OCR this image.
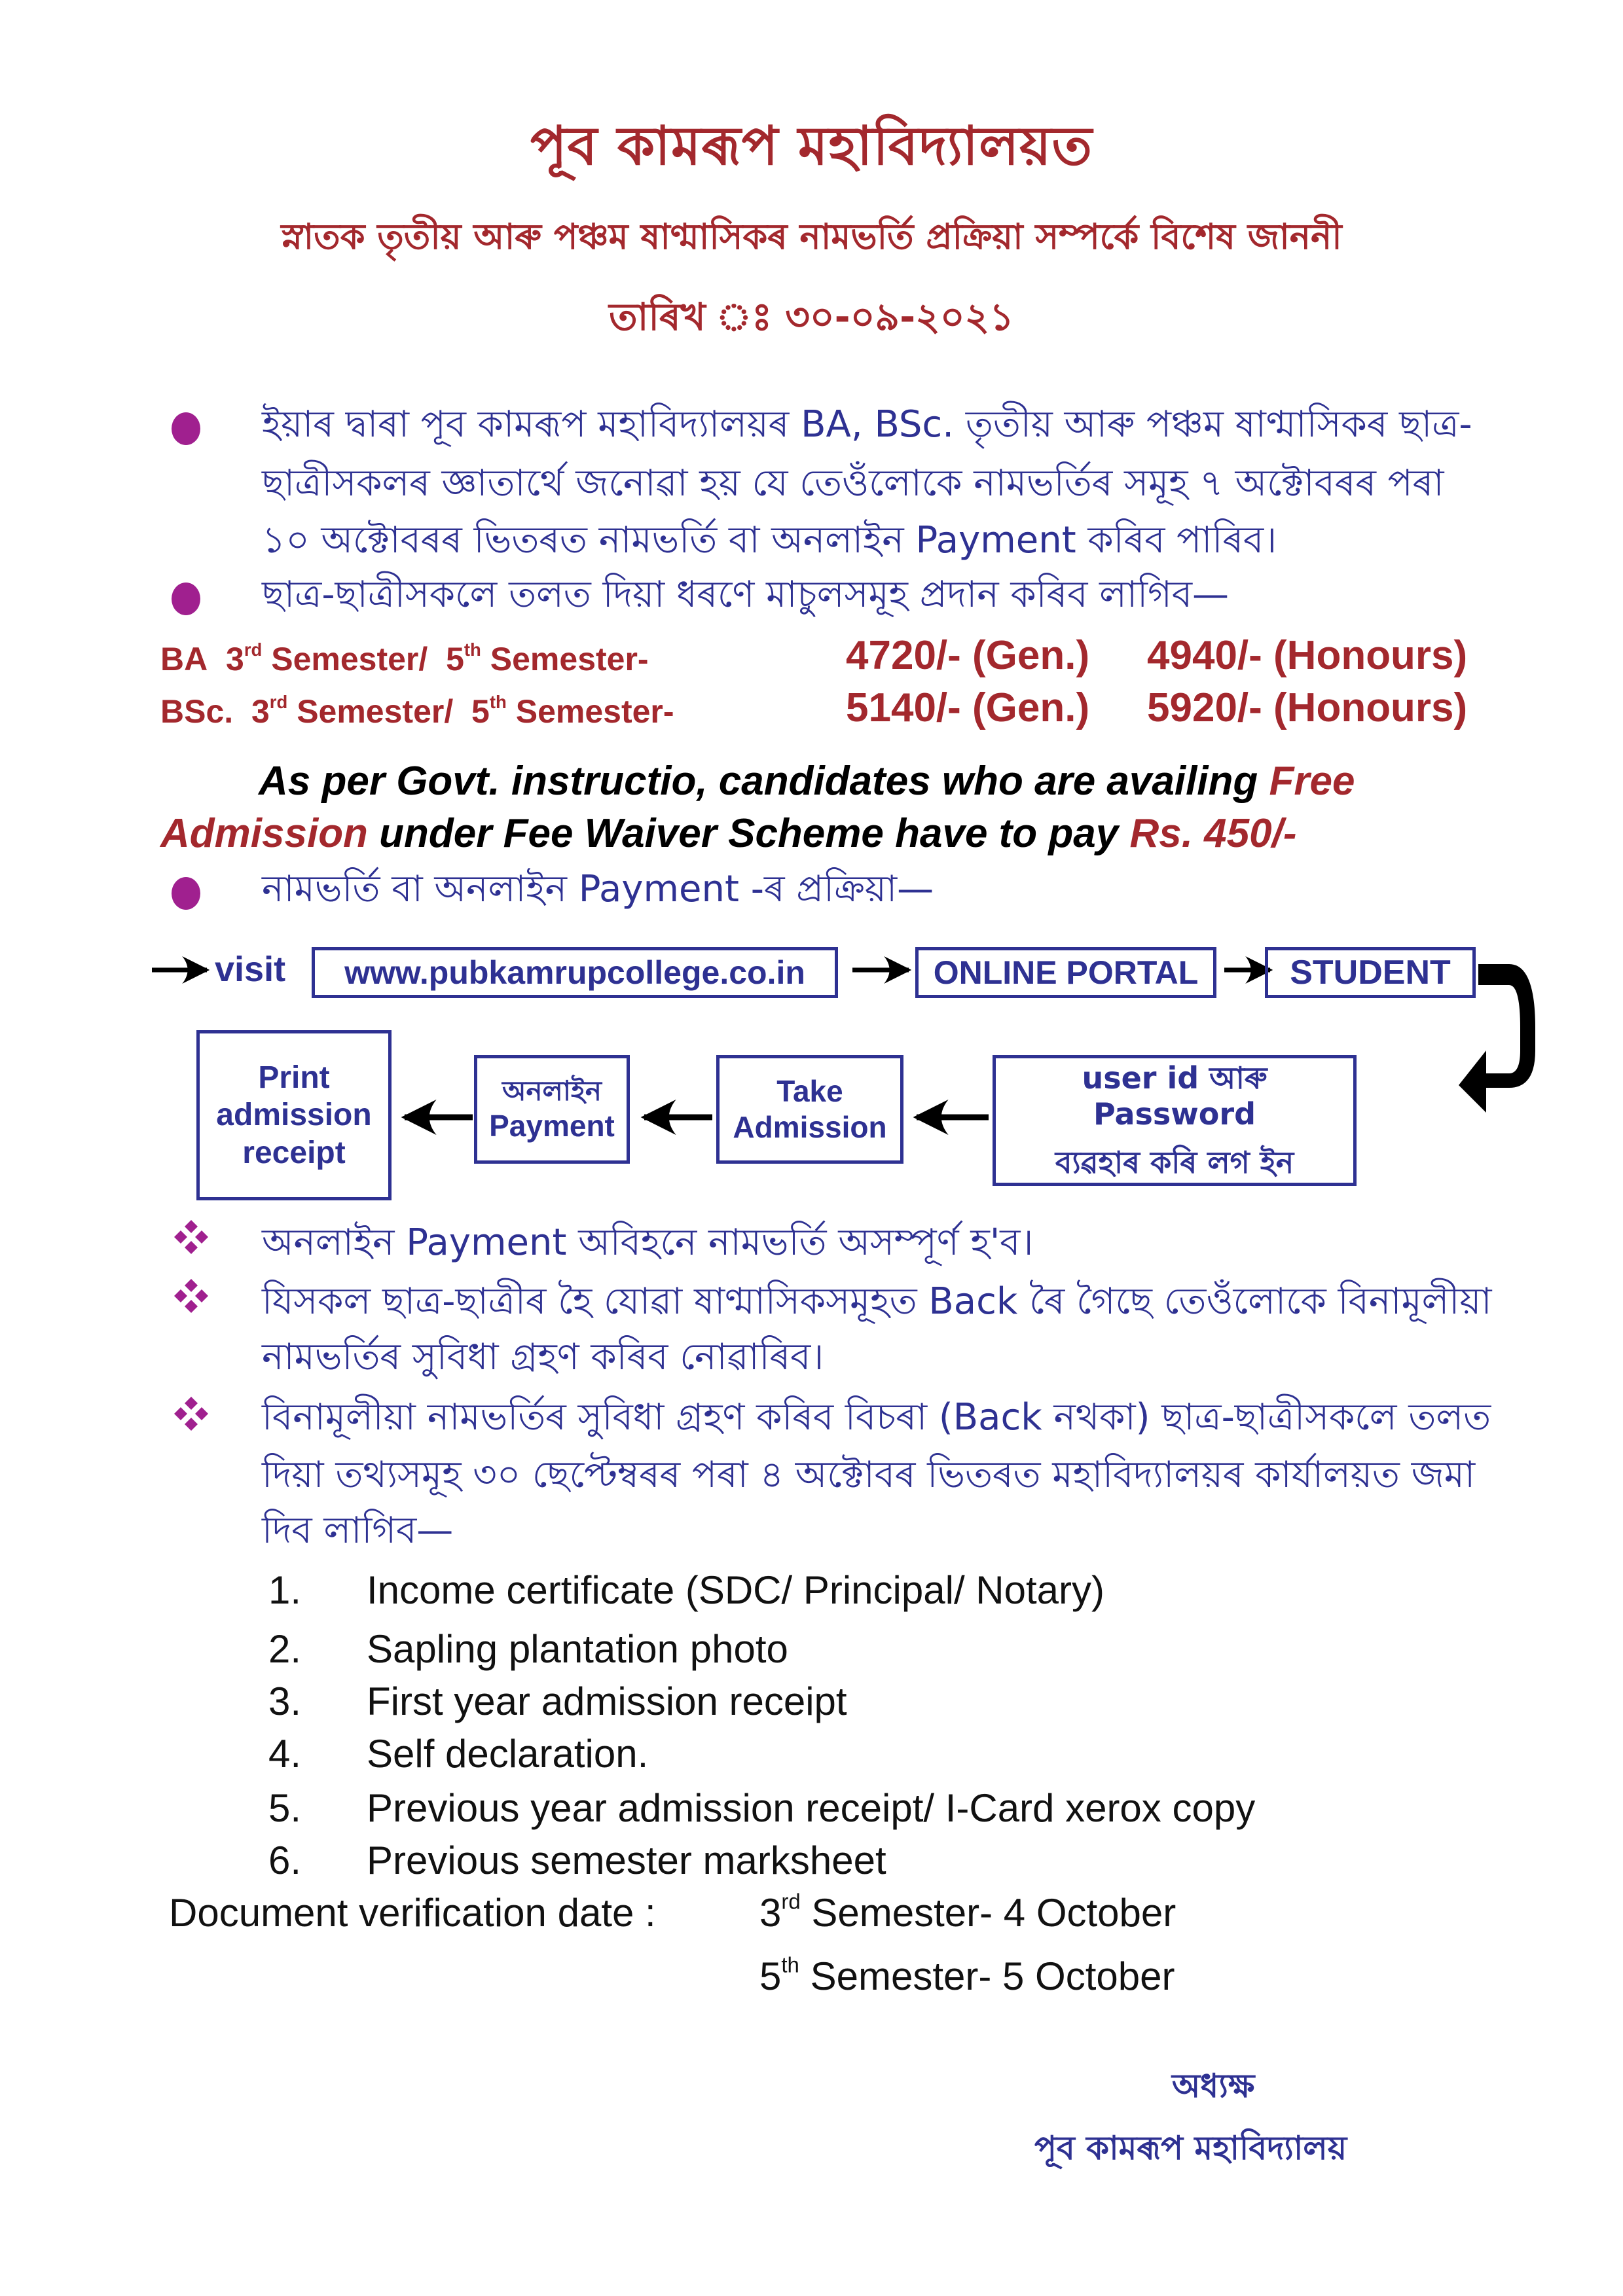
পূব কামৰূপ মহাবিদ্যালয়ত
স্নাতক তৃতীয় আৰু পঞ্চম ষাণ্মাসিকৰ নামভৰ্তি প্ৰক্ৰিয়া সম্পৰ্কে বিশেষ জাননী
তাৰিখ ঃ ৩০-০৯-২০২১
ইয়াৰ দ্বাৰা পূব কামৰূপ মহাবিদ্যালয়ৰ BA, BSc. তৃতীয় আৰু পঞ্চম ষাণ্মাসিকৰ ছাত্ৰ-
ছাত্ৰীসকলৰ জ্ঞাতাৰ্থে জনোৱা হয় যে তেওঁলোকে নামভৰ্তিৰ সমূহ ৭ অক্টোবৰৰ পৰা
১০ অক্টোবৰৰ ভিতৰত নামভৰ্তি বা অনলাইন Payment কৰিব পাৰিব।
ছাত্ৰ-ছাত্ৰীসকলে তলত দিয়া ধৰণে মাচুলসমূহ প্ৰদান কৰিব লাগিব—
BA 3rd Semester/ 5th Semester-	4720/- (Gen.) 4940/- (Honours)
BSc. 3rd Semester/ 5th Semester-	5140/- (Gen.) 5920/- (Honours)
As per Govt. instructio, candidates who are availing Free
Admission under Fee Waiver Scheme have to pay Rs. 450/-
নামভৰ্তি বা অনলাইন Payment -ৰ প্ৰক্ৰিয়া—
visit www.pubkamrupcollege.co.in	ONLINE PORTAL	STUDENT
user id আৰু Password
ব্যৱহাৰ কৰি লগ ইন
Take
Admission
অনলাইন
Payment
Print
admission
receipt
অনলাইন Payment অবিহনে নামভৰ্তি অসম্পূৰ্ণ হ'ব।
যিসকল ছাত্ৰ-ছাত্ৰীৰ হৈ যোৱা ষাণ্মাসিকসমূহত Back ৰৈ গৈছে তেওঁলোকে বিনামূলীয়া
নামভৰ্তিৰ সুবিধা গ্ৰহণ কৰিব নোৱাৰিব।
বিনামূলীয়া নামভৰ্তিৰ সুবিধা গ্ৰহণ কৰিব বিচৰা (Back নথকা) ছাত্ৰ-ছাত্ৰীসকলে তলত
দিয়া তথ্যসমূহ ৩০ ছেপ্টেম্বৰৰ পৰা ৪ অক্টোবৰ ভিতৰত মহাবিদ্যালয়ৰ কাৰ্যালয়ত জমা
দিব লাগিব—
1. Income certificate (SDC/ Principal/ Notary)
2. Sapling plantation photo
3. First year admission receipt
4. Self declaration.
5. Previous year admission receipt/ I-Card xerox copy
6. Previous semester marksheet
Document verification date :	3rd Semester- 4 October
5th Semester- 5 October
অধ্যক্ষ
পূব কামৰূপ মহাবিদ্যালয়
